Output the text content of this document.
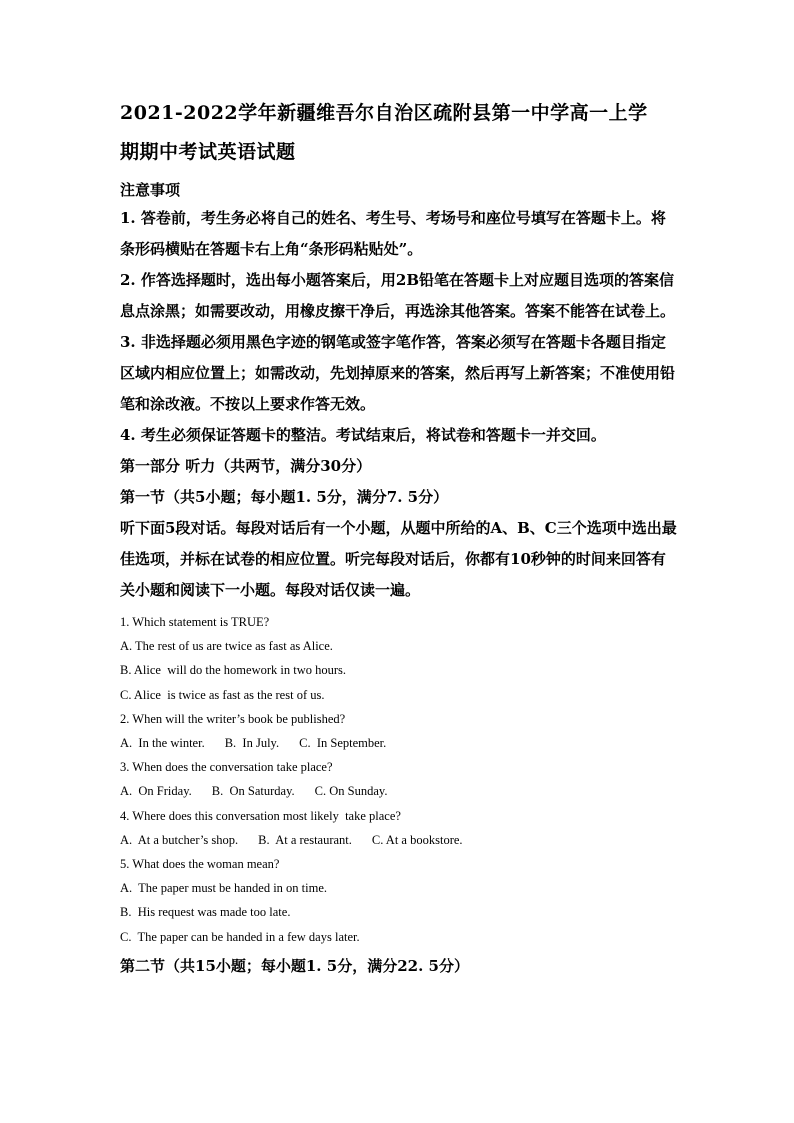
2021-2022学年新疆维吾尔自治区疏附县第一中学高一上学
期期中考试英语试题
注意事项

1. 答卷前，考生务必将自己的姓名、考生号、考场号和座位号填写在答题卡上。将条形码横贴在答题卡右上角“条形码粘贴处”。

2. 作答选择题时，选出每小题答案后，用2B铅笔在答题卡上对应题目选项的答案信息点涂黑；如需要改动，用橡皮擦干净后，再选涂其他答案。答案不能答在试卷上。

3. 非选择题必须用黑色字迹的钢笔或签字笔作答，答案必须写在答题卡各题目指定区域内相应位置上；如需改动，先划掉原来的答案，然后再写上新答案；不准使用铅笔和涂改液。不按以上要求作答无效。

4. 考生必须保证答题卡的整洁。考试结束后，将试卷和答题卡一并交回。

第一部分 听力（共两节，满分30分）

第一节（共5小题；每小题1. 5分，满分7. 5分）

听下面5段对话。每段对话后有一个小题，从题中所给的A、B、C三个选项中选出最佳选项，并标在试卷的相应位置。听完每段对话后，你都有10秒钟的时间来回答有关小题和阅读下一小题。每段对话仅读一遍。

1. Which statement is TRUE?

A. The rest of us are twice as fast as Alice.

B. Alice  will do the homework in two hours.

C. Alice  is twice as fast as the rest of us.

2. When will the writer’s book be published?

A.  In the winter. B.  In July. C.  In September.

3. When does the conversation take place?

A.  On Friday. B.  On Saturday. C. On Sunday.

4. Where does this conversation most likely  take place?

A.  At a butcher’s shop. B.  At a restaurant. C. At a bookstore.

5. What does the woman mean?

A.  The paper must be handed in on time.

B.  His request was made too late.

C.  The paper can be handed in a few days later.

第二节（共15小题；每小题1. 5分，满分22. 5分）
